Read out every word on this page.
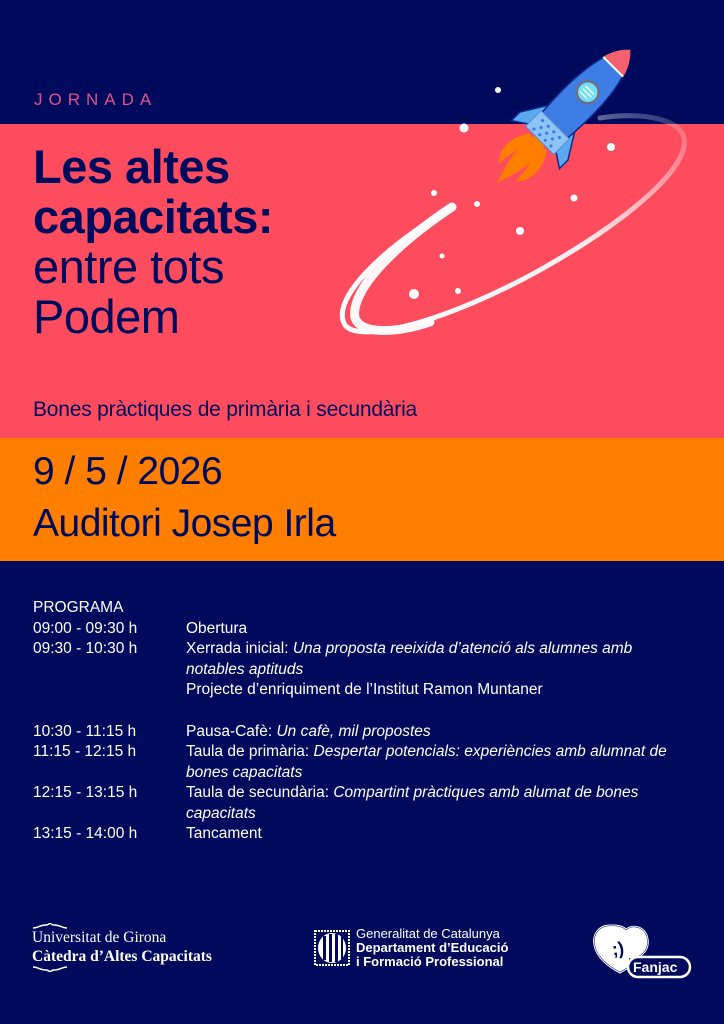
JORNADA
Les altes
capacitats:
entre tots
Podem
Bones pràctiques de primària i secundària
9 / 5 / 2026
Auditori Josep Irla
PROGRAMA
09:00 - 09:30 h	Obertura
09:30 - 10:30 h	Xerrada inicial: Una proposta reeixida d’atenció als alumnes amb notables aptituds
Projecte d’enriquiment de l’Institut Ramon Muntaner
10:30 - 11:15 h	Pausa-Cafè: Un cafè, mil propostes
11:15 - 12:15 h	Taula de primària: Despertar potencials: experiències amb alumnat de bones capacitats
12:15 - 13:15 h	Taula de secundària: Compartint pràctiques amb alumat de bones capacitats
13:15 - 14:00 h	Tancament
Universitat de Girona
Càtedra d’Altes Capacitats
Generalitat de Catalunya
Departament d’Educació
i Formació Professional
;)
Fanjac
